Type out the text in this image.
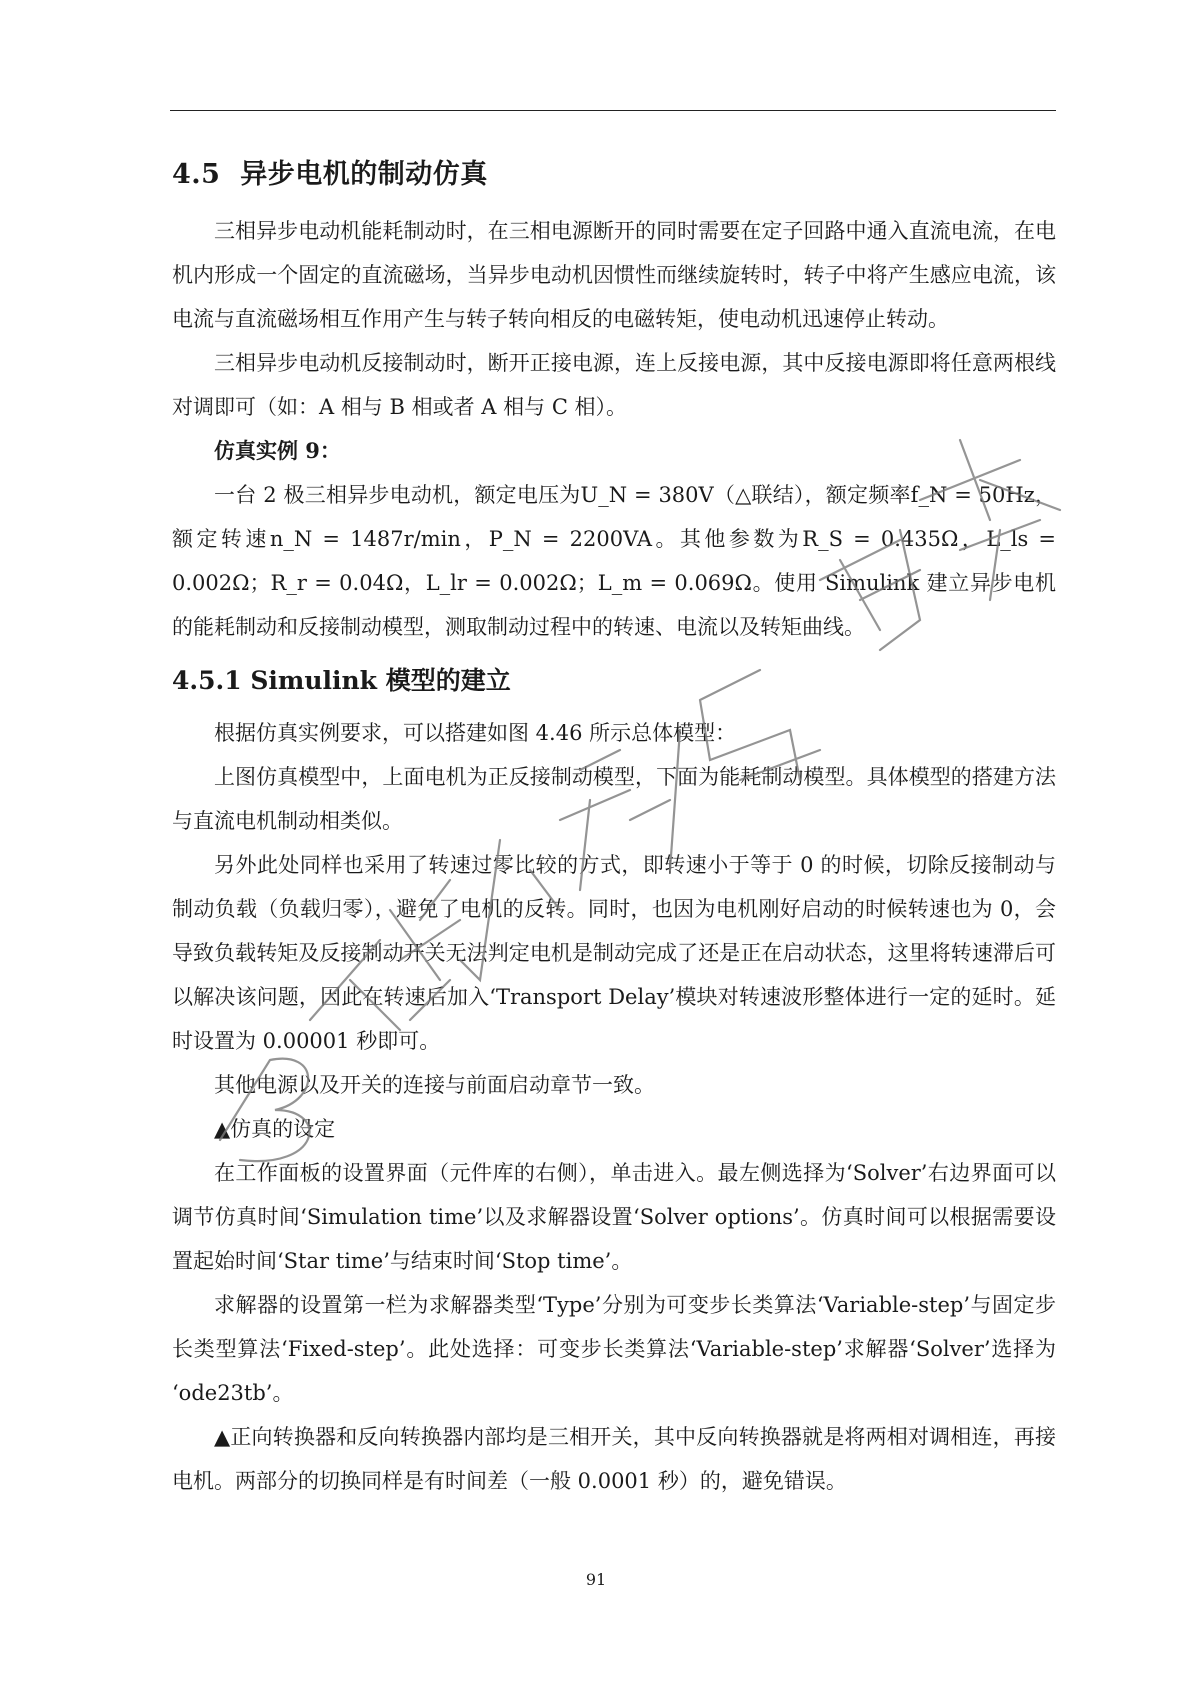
4.5 异步电机的制动仿真

三相异步电动机能耗制动时，在三相电源断开的同时需要在定子回路中通入直流电流，在电机内形成一个固定的直流磁场，当异步电动机因惯性而继续旋转时，转子中将产生感应电流，该电流与直流磁场相互作用产生与转子转向相反的电磁转矩，使电动机迅速停止转动。

三相异步电动机反接制动时，断开正接电源，连上反接电源，其中反接电源即将任意两根线对调即可（如：A 相与 B 相或者 A 相与 C 相）。

仿真实例 9：

一台 2 极三相异步电动机，额定电压为U_N = 380V（△联结），额定频率f_N = 50Hz，额定转速n_N = 1487r/min，P_N = 2200VA。其他参数为R_S = 0.435Ω，L_ls = 0.002Ω；R_r = 0.04Ω，L_lr = 0.002Ω；L_m = 0.069Ω。使用 Simulink 建立异步电机的能耗制动和反接制动模型，测取制动过程中的转速、电流以及转矩曲线。

4.5.1 Simulink 模型的建立

根据仿真实例要求，可以搭建如图 4.46 所示总体模型：

上图仿真模型中，上面电机为正反接制动模型，下面为能耗制动模型。具体模型的搭建方法与直流电机制动相类似。

另外此处同样也采用了转速过零比较的方式，即转速小于等于 0 的时候，切除反接制动与制动负载（负载归零），避免了电机的反转。同时，也因为电机刚好启动的时候转速也为 0，会导致负载转矩及反接制动开关无法判定电机是制动完成了还是正在启动状态，这里将转速滞后可以解决该问题，因此在转速后加入‘Transport Delay’模块对转速波形整体进行一定的延时。延时设置为 0.00001 秒即可。

其他电源以及开关的连接与前面启动章节一致。

▲仿真的设定

在工作面板的设置界面（元件库的右侧），单击进入。最左侧选择为‘Solver’右边界面可以调节仿真时间‘Simulation time’以及求解器设置‘Solver options’。仿真时间可以根据需要设置起始时间‘Star time’与结束时间‘Stop time’。

求解器的设置第一栏为求解器类型‘Type’分别为可变步长类算法‘Variable-step’与固定步长类型算法‘Fixed-step’。此处选择：可变步长类算法‘Variable-step’求解器‘Solver’选择为 ‘ode23tb’。

▲正向转换器和反向转换器内部均是三相开关，其中反向转换器就是将两相对调相连，再接电机。两部分的切换同样是有时间差（一般 0.0001 秒）的，避免错误。

91
